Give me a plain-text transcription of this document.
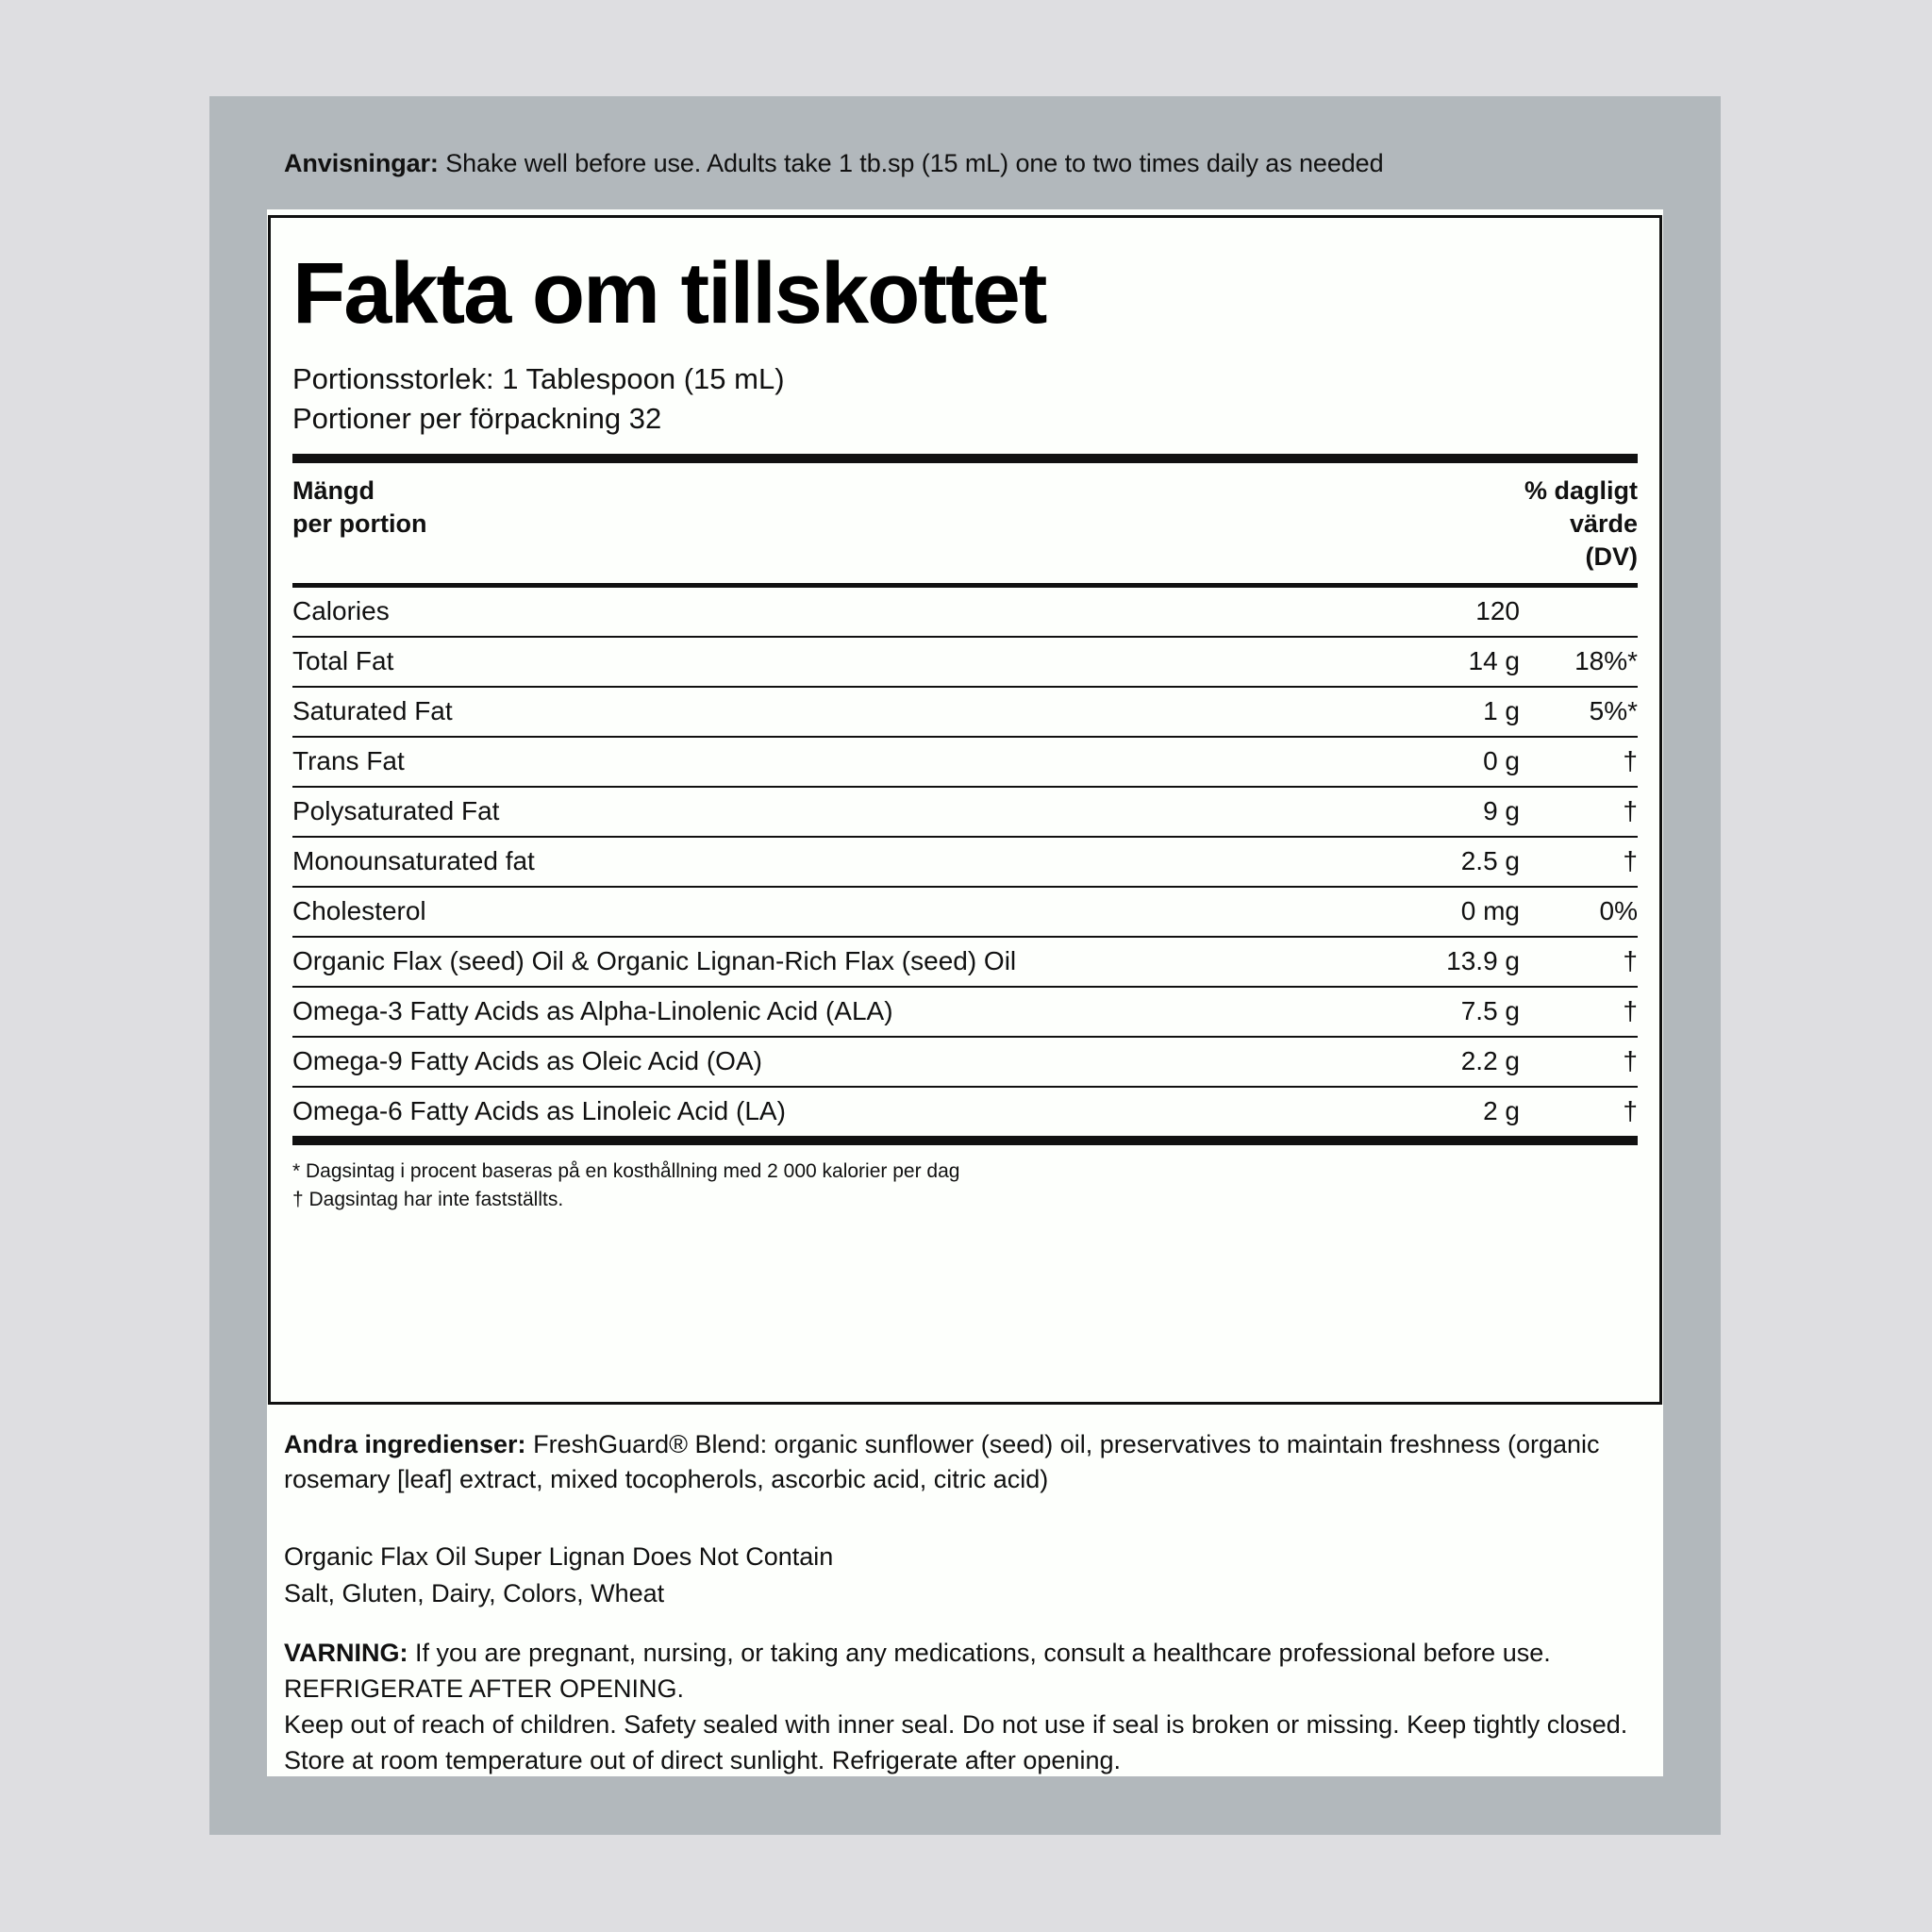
Anvisningar: Shake well before use. Adults take 1 tb.sp (15 mL) one to two times daily as needed
Fakta om tillskottet
Portionsstorlek: 1 Tablespoon (15 mL)
Portioner per förpackning 32
Mängd
per portion
% dagligt
värde
(DV)
Calories	120	
Total Fat	14 g	18%*
Saturated Fat	1 g	5%*
Trans Fat	0 g	†
Polysaturated Fat	9 g	†
Monounsaturated fat	2.5 g	†
Cholesterol	0 mg	0%
Organic Flax (seed) Oil & Organic Lignan-Rich Flax (seed) Oil	13.9 g	†
Omega-3 Fatty Acids as Alpha-Linolenic Acid (ALA)	7.5 g	†
Omega-9 Fatty Acids as Oleic Acid (OA)	2.2 g	†
Omega-6 Fatty Acids as Linoleic Acid (LA)	2 g	†
* Dagsintag i procent baseras på en kosthållning med 2 000 kalorier per dag
† Dagsintag har inte fastställts.
Andra ingredienser: FreshGuard® Blend: organic sunflower (seed) oil, preservatives to maintain freshness (organic rosemary [leaf] extract, mixed tocopherols, ascorbic acid, citric acid)
Organic Flax Oil Super Lignan Does Not Contain
Salt, Gluten, Dairy, Colors, Wheat
VARNING: If you are pregnant, nursing, or taking any medications, consult a healthcare professional before use.
REFRIGERATE AFTER OPENING.
Keep out of reach of children. Safety sealed with inner seal. Do not use if seal is broken or missing. Keep tightly closed.
Store at room temperature out of direct sunlight. Refrigerate after opening.
